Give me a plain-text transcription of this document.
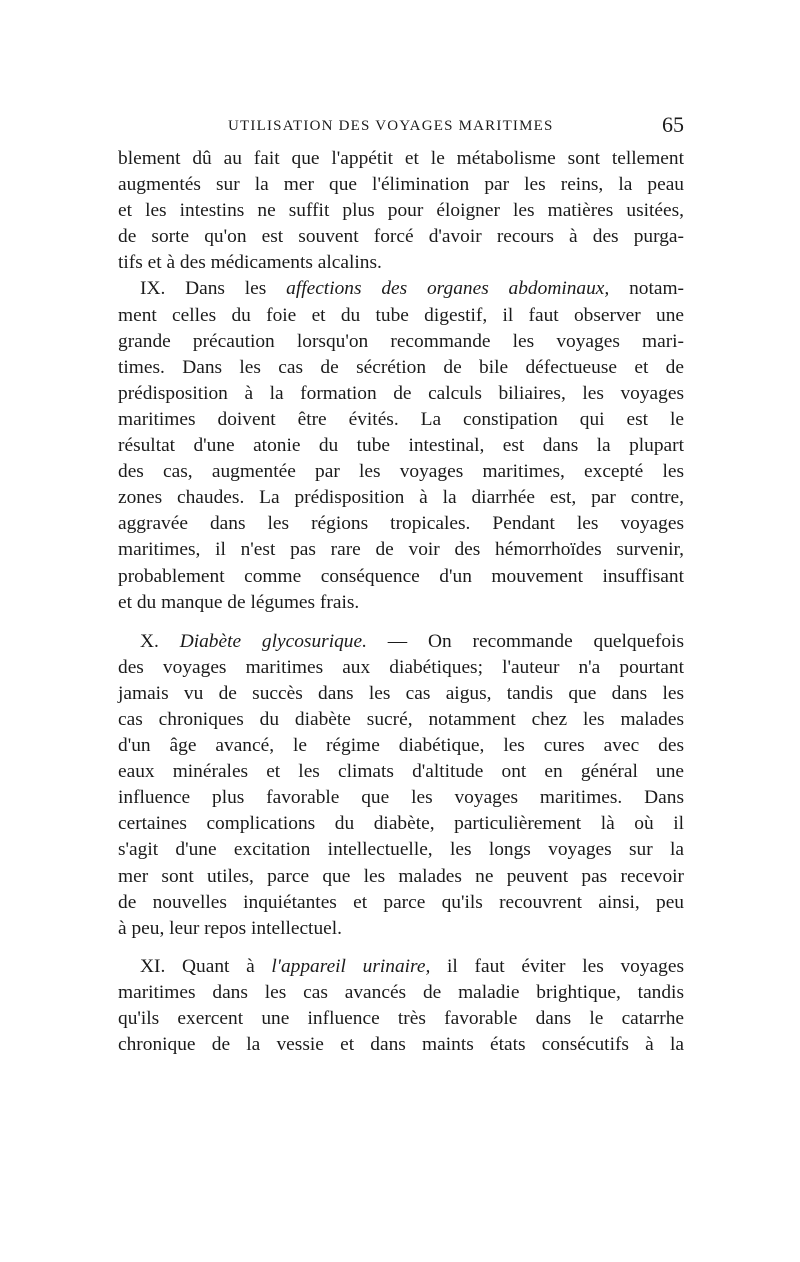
UTILISATION DES VOYAGES MARITIMES	65
blement dû au fait que l'appétit et le métabolisme sont tellement
augmentés sur la mer que l'élimination par les reins, la peau
et les intestins ne suffit plus pour éloigner les matières usitées,
de sorte qu'on est souvent forcé d'avoir recours à des purga-
tifs et à des médicaments alcalins.
IX. Dans les affections des organes abdominaux, notam-
ment celles du foie et du tube digestif, il faut observer une
grande précaution lorsqu'on recommande les voyages mari-
times. Dans les cas de sécrétion de bile défectueuse et de
prédisposition à la formation de calculs biliaires, les voyages
maritimes doivent être évités. La constipation qui est le
résultat d'une atonie du tube intestinal, est dans la plupart
des cas, augmentée par les voyages maritimes, excepté les
zones chaudes. La prédisposition à la diarrhée est, par contre,
aggravée dans les régions tropicales. Pendant les voyages
maritimes, il n'est pas rare de voir des hémorrhoïdes survenir,
probablement comme conséquence d'un mouvement insuffisant
et du manque de légumes frais.
X. Diabète glycosurique. — On recommande quelquefois
des voyages maritimes aux diabétiques; l'auteur n'a pourtant
jamais vu de succès dans les cas aigus, tandis que dans les
cas chroniques du diabète sucré, notamment chez les malades
d'un âge avancé, le régime diabétique, les cures avec des
eaux minérales et les climats d'altitude ont en général une
influence plus favorable que les voyages maritimes. Dans
certaines complications du diabète, particulièrement là où il
s'agit d'une excitation intellectuelle, les longs voyages sur la
mer sont utiles, parce que les malades ne peuvent pas recevoir
de nouvelles inquiétantes et parce qu'ils recouvrent ainsi, peu
à peu, leur repos intellectuel.
XI. Quant à l'appareil urinaire, il faut éviter les voyages
maritimes dans les cas avancés de maladie brightique, tandis
qu'ils exercent une influence très favorable dans le catarrhe
chronique de la vessie et dans maints états consécutifs à la
